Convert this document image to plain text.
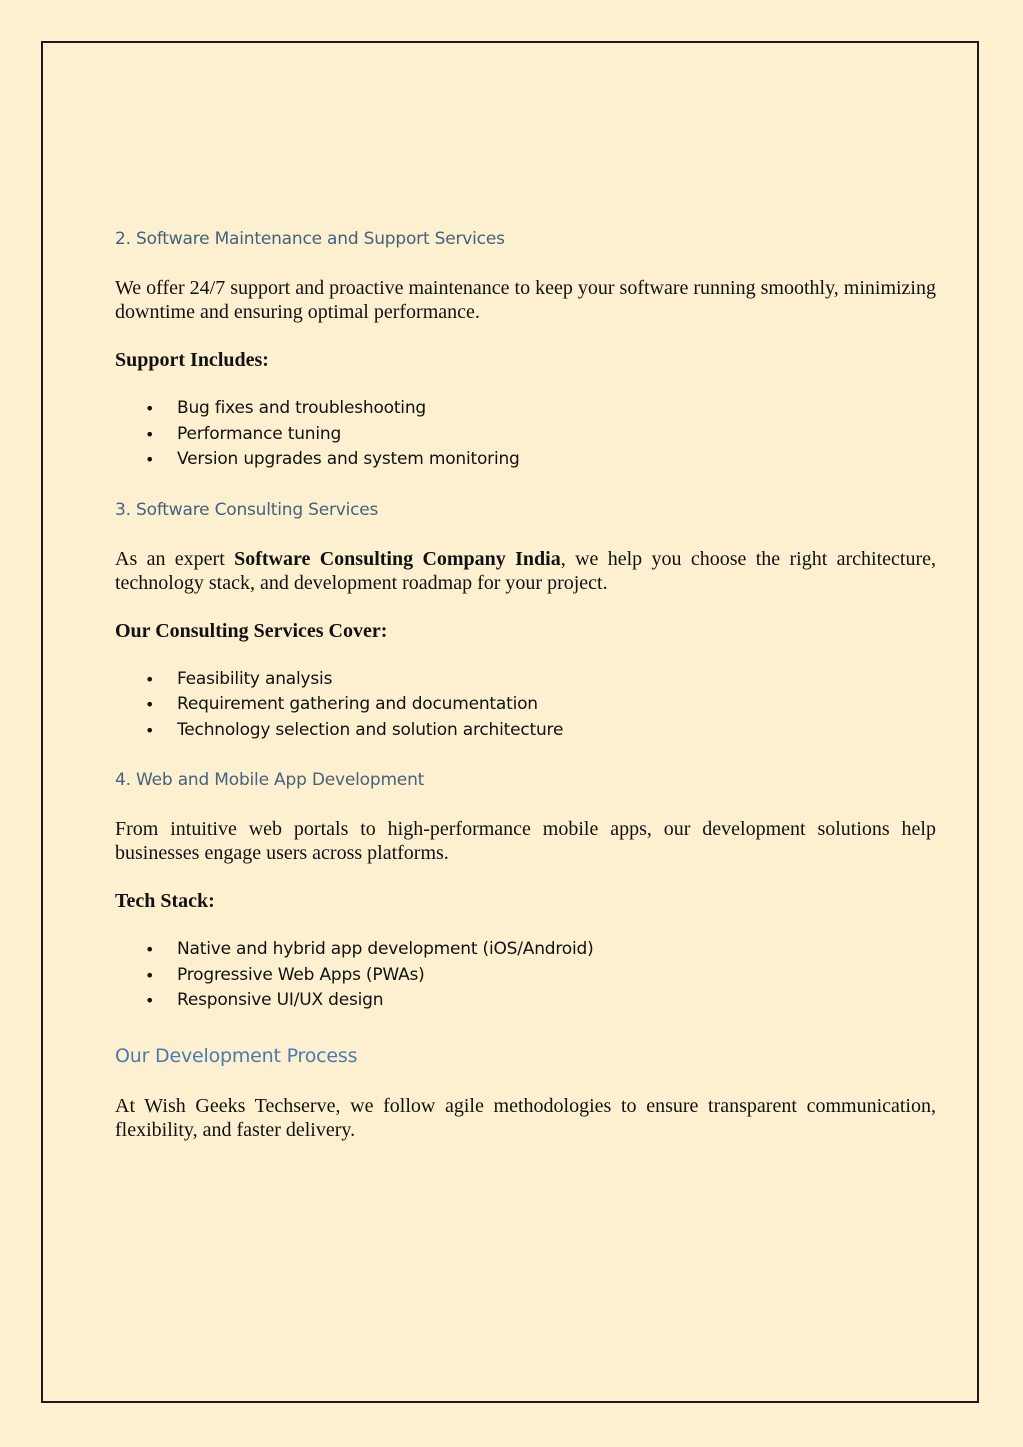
2. Software Maintenance and Support Services

We offer 24/7 support and proactive maintenance to keep your software running smoothly, minimizing downtime and ensuring optimal performance.

Support Includes:

• Bug fixes and troubleshooting
• Performance tuning
• Version upgrades and system monitoring
3. Software Consulting Services

As an expert Software Consulting Company India, we help you choose the right architecture, technology stack, and development roadmap for your project.

Our Consulting Services Cover:

• Feasibility analysis
• Requirement gathering and documentation
• Technology selection and solution architecture
4. Web and Mobile App Development

From intuitive web portals to high-performance mobile apps, our development solutions help businesses engage users across platforms.

Tech Stack:

• Native and hybrid app development (iOS/Android)
• Progressive Web Apps (PWAs)
• Responsive UI/UX design
Our Development Process

At Wish Geeks Techserve, we follow agile methodologies to ensure transparent communication, flexibility, and faster delivery.
